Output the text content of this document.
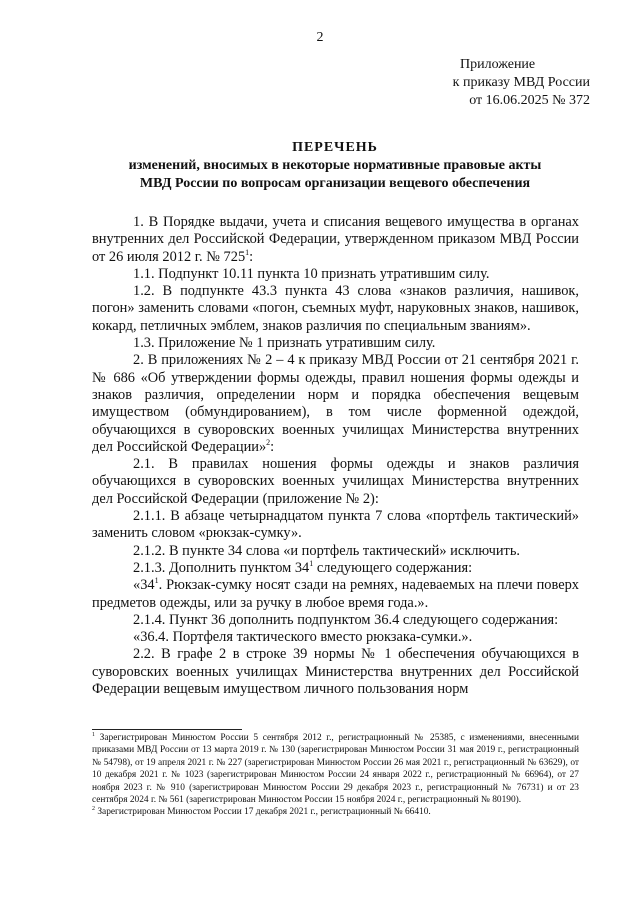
2
Приложение
к приказу МВД России
от 16.06.2025 № 372
ПЕРЕЧЕНЬ
изменений, вносимых в некоторые нормативные правовые акты
МВД России по вопросам организации вещевого обеспечения

1. В Порядке выдачи, учета и списания вещевого имущества в органах внутренних дел Российской Федерации, утвержденном приказом МВД России от 26 июля 2012 г. № $725^1$:

1.1. Подпункт 10.11 пункта 10 признать утратившим силу.

1.2. В подпункте 43.3 пункта 43 слова «знаков различия, нашивок, погон» заменить словами «погон, съемных муфт, наруковных знаков, нашивок, кокард, петличных эмблем, знаков различия по специальным званиям».

1.3. Приложение № 1 признать утратившим силу.

2. В приложениях № 2 – 4 к приказу МВД России от 21 сентября 2021 г. № 686 «Об утверждении формы одежды, правил ношения формы одежды и знаков различия, определении норм и порядка обеспечения вещевым имуществом (обмундированием), в том числе форменной одеждой, обучающихся в суворовских военных училищах Министерства внутренних дел Российской Федерации»$^2$:

2.1. В правилах ношения формы одежды и знаков различия обучающихся в суворовских военных училищах Министерства внутренних дел Российской Федерации (приложение № 2):

2.1.1. В абзаце четырнадцатом пункта 7 слова «портфель тактический» заменить словом «рюкзак-сумку».

2.1.2. В пункте 34 слова «и портфель тактический» исключить.

2.1.3. Дополнить пунктом $34^1$ следующего содержания:

«$34^1$. Рюкзак-сумку носят сзади на ремнях, надеваемых на плечи поверх предметов одежды, или за ручку в любое время года.».

2.1.4. Пункт 36 дополнить подпунктом 36.4 следующего содержания:

«36.4. Портфеля тактического вместо рюкзака-сумки.».

2.2. В графе 2 в строке 39 нормы № 1 обеспечения обучающихся в суворовских военных училищах Министерства внутренних дел Российской Федерации вещевым имуществом личного пользования норм

$^1$ Зарегистрирован Минюстом России 5 сентября 2012 г., регистрационный № 25385, с изменениями, внесенными приказами МВД России от 13 марта 2019 г. № 130 (зарегистрирован Минюстом России 31 мая 2019 г., регистрационный № 54798), от 19 апреля 2021 г. № 227 (зарегистрирован Минюстом России 26 мая 2021 г., регистрационный № 63629), от 10 декабря 2021 г. № 1023 (зарегистрирован Минюстом России 24 января 2022 г., регистрационный № 66964), от 27 ноября 2023 г. № 910 (зарегистрирован Минюстом России 29 декабря 2023 г., регистрационный № 76731) и от 23 сентября 2024 г. № 561 (зарегистрирован Минюстом России 15 ноября 2024 г., регистрационный № 80190).

$^2$ Зарегистрирован Минюстом России 17 декабря 2021 г., регистрационный № 66410.
